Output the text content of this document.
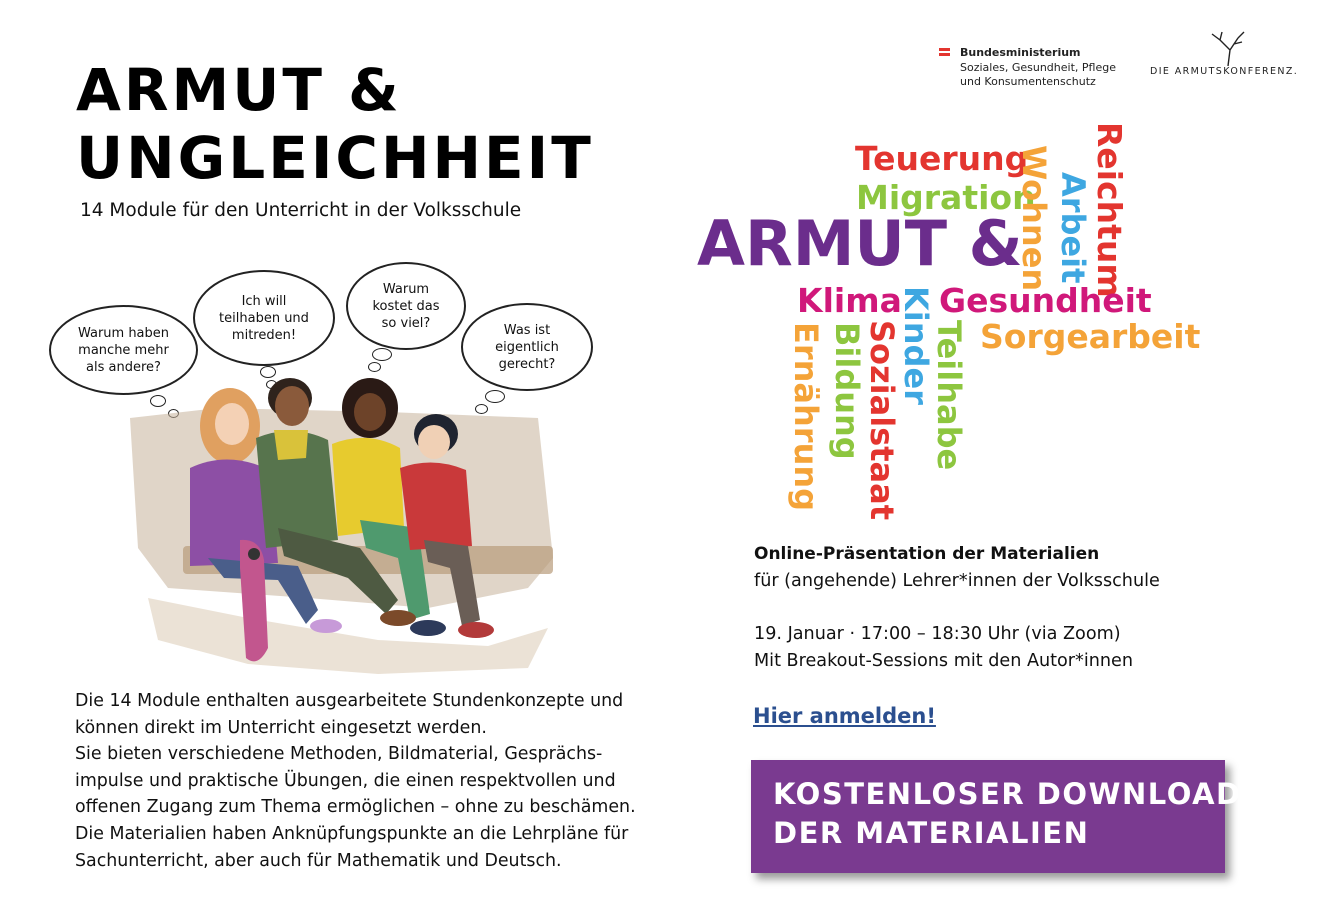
ARMUT &
UNGLEICHHEIT
14 Module für den Unterricht in der Volksschule
Warum haben
manche mehr
als andere?
Ich will
teilhaben und
mitreden!
Warum
kostet das
so viel?	Was ist
eigentlich
gerecht?
Die 14 Module enthalten ausgearbeitete Stundenkonzepte und
können direkt im Unterricht eingesetzt werden.
Sie bieten verschiedene Methoden, Bildmaterial, Gesprächs-
impulse und praktische Übungen, die einen respektvollen und
offenen Zugang zum Thema ermöglichen – ohne zu beschämen.
Die Materialien haben Anknüpfungspunkte an die Lehrpläne für
Sachunterricht, aber auch für Mathematik und Deutsch.
Bundesministerium
Soziales, Gesundheit, Pflege
und Konsumentenschutz
DIE ARMUTSKONFERENZ.
ARMUT &
Teuerung
Migration
Wohnen Arbeit
Reichtum
Klima Gesundheit
Sorgearbeit
Kinder
Teilhabe
Sozialstaat
Bildung
Ernährung
Online-Präsentation der Materialien
für (angehende) Lehrer*innen der Volksschule
19. Januar · 17:00 – 18:30 Uhr (via Zoom)
Mit Breakout-Sessions mit den Autor*innen
Hier anmelden!
KOSTENLOSER DOWNLOAD
DER MATERIALIEN
